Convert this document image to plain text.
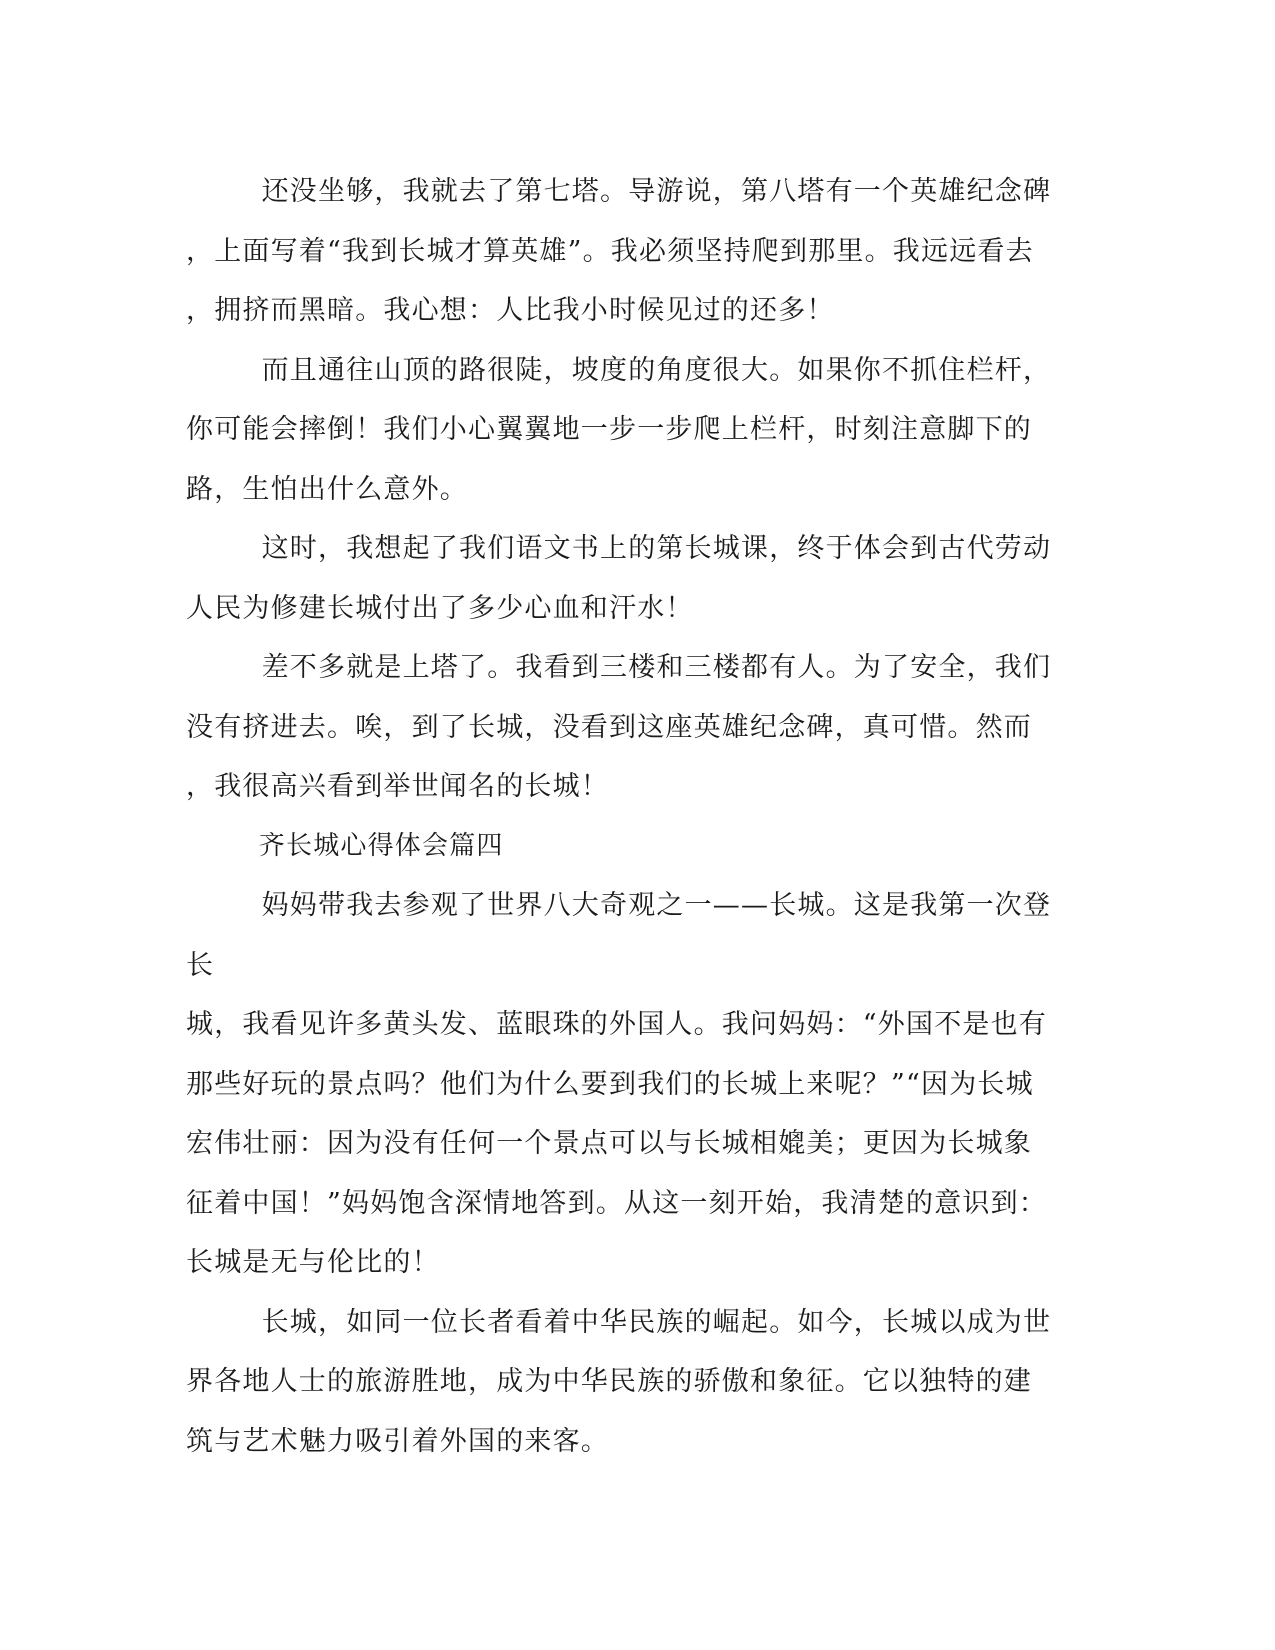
还没坐够，我就去了第七塔。导游说，第八塔有一个英雄纪念碑
，上面写着“我到长城才算英雄”。我必须坚持爬到那里。我远远看去
，拥挤而黑暗。我心想：人比我小时候见过的还多！

而且通往山顶的路很陡，坡度的角度很大。如果你不抓住栏杆，
你可能会摔倒！我们小心翼翼地一步一步爬上栏杆，时刻注意脚下的
路，生怕出什么意外。

这时，我想起了我们语文书上的第长城课，终于体会到古代劳动
人民为修建长城付出了多少心血和汗水！

差不多就是上塔了。我看到三楼和三楼都有人。为了安全，我们
没有挤进去。唉，到了长城，没看到这座英雄纪念碑，真可惜。然而
，我很高兴看到举世闻名的长城！

齐长城心得体会篇四

妈妈带我去参观了世界八大奇观之一——长城。这是我第一次登长
城，我看见许多黄头发、蓝眼珠的外国人。我问妈妈：“外国不是也有
那些好玩的景点吗？他们为什么要到我们的长城上来呢？”“因为长城
宏伟壮丽：因为没有任何一个景点可以与长城相媲美；更因为长城象
征着中国！”妈妈饱含深情地答到。从这一刻开始，我清楚的意识到：
长城是无与伦比的！

长城，如同一位长者看着中华民族的崛起。如今，长城以成为世
界各地人士的旅游胜地，成为中华民族的骄傲和象征。它以独特的建
筑与艺术魅力吸引着外国的来客。
